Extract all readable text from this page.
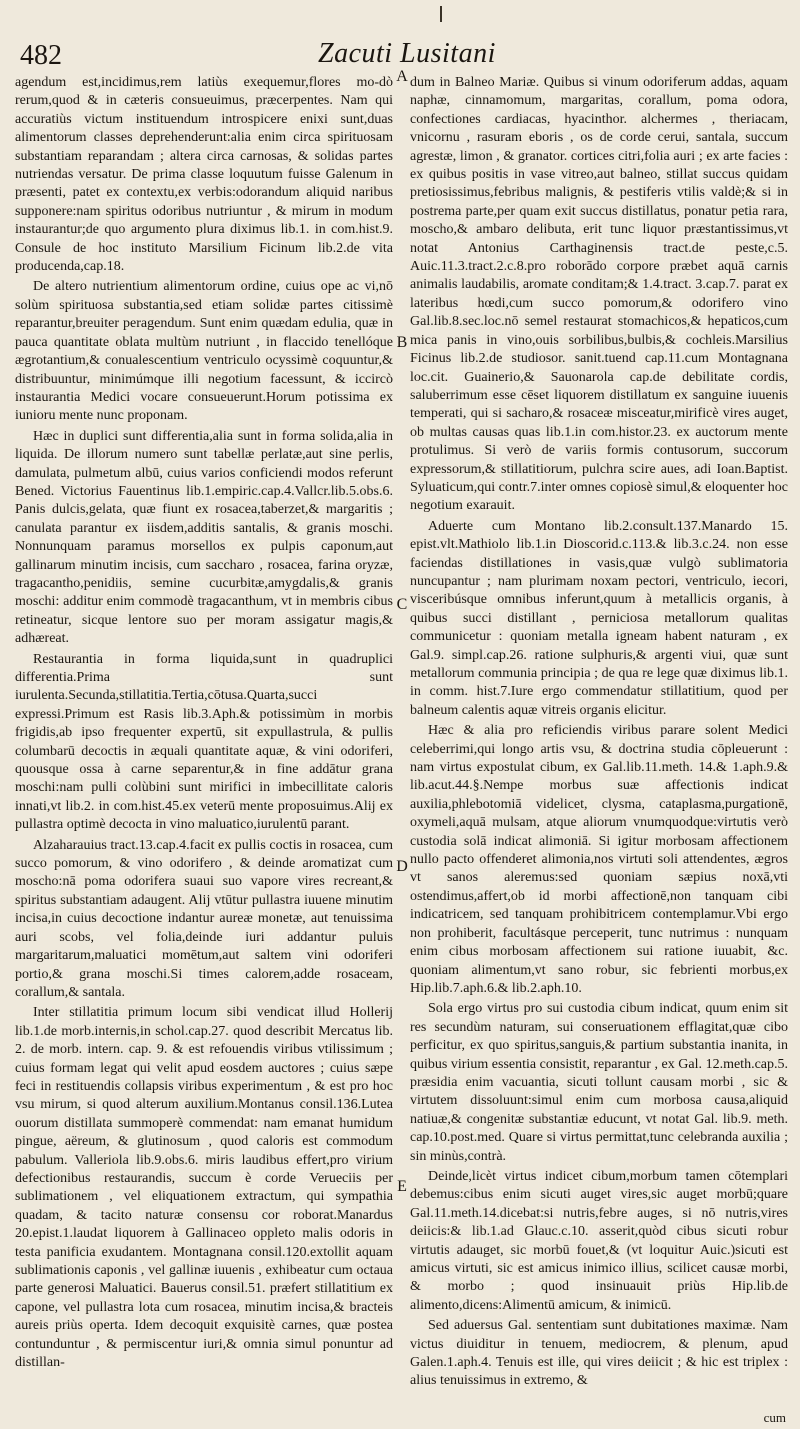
482	Zacuti Lusitani

agendum est,incidimus,rem latiùs exequemur,flores mo-dò rerum,quod & in cæteris consueuimus, præcerpentes. Nam qui accuratiùs victum instituendum introspicere enixi sunt,duas alimentorum classes deprehenderunt:alia enim circa spirituosam substantiam reparandam ; altera circa carnosas, & solidas partes nutriendas versatur. De prima classe loquutum fuisse Galenum in præsenti, patet ex contextu,ex verbis:odorandum aliquid naribus supponere:nam spiritus odoribus nutriuntur , & mirum in modum instaurantur;de quo argumento plura diximus lib.1. in com.hist.9. Consule de hoc instituto Marsilium Ficinum lib.2.de vita producenda,cap.18.

De altero nutrientium alimentorum ordine, cuius ope ac vi,nō solùm spirituosa substantia,sed etiam solidæ partes citissimè reparantur,breuiter peragendum. Sunt enim quædam edulia, quæ in pauca quantitate oblata multùm nutriunt , in flaccido tenellóque ægrotantium,& conualescentium ventriculo ocyssimè coquuntur,& distribuuntur, minimúmque illi negotium facessunt, & iccircò instaurantia Medici vocare consueuerunt.Horum potissima ex iunioru mente nunc proponam.

Hæc in duplici sunt differentia,alia sunt in forma solida,alia in liquida. De illorum numero sunt tabellæ perlatæ,aut sine perlis, damulata, pulmetum albū, cuius varios conficiendi modos referunt Bened. Victorius Fauentinus lib.1.empiric.cap.4.Vallcr.lib.5.obs.6. Panis dulcis,gelata, quæ fiunt ex rosacea,taberzet,& margaritis ; canulata parantur ex iisdem,additis santalis, & granis moschi. Nonnunquam paramus morsellos ex pulpis caponum,aut gallinarum minutim incisis, cum saccharo , rosacea, farina oryzæ, tragacantho,penidiis, semine cucurbitæ,amygdalis,& granis moschi: additur enim commodè tragacanthum, vt in membris cibus retineatur, sicque lentore suo per moram assigatur magis,& adhæreat.

Restaurantia in forma liquida,sunt in quadruplici differentia.Prima sunt iurulenta.Secunda,stillatitia.Tertia,cōtusa.Quarta,succi expressi.Primum est Rasis lib.3.Aph.& potissimùm in morbis frigidis,ab ipso frequenter expertū, sit expullastrula, & pullis columbarū decoctis in æquali quantitate aquæ, & vini odoriferi, quousque ossa à carne separentur,& in fine addātur grana moschi:nam pulli colùbini sunt mirifici in imbecillitate caloris innati,vt lib.2. in com.hist.45.ex veterū mente proposuimus.Alij ex pullastra optimè decocta in vino maluatico,iurulentū parant.

Alzaharauius tract.13.cap.4.facit ex pullis coctis in rosacea, cum succo pomorum, & vino odorifero , & deinde aromatizat cum moscho:nā poma odorifera suaui suo vapore vires recreant,& spiritus substantiam adaugent. Alij vtūtur pullastra iuuene minutim incisa,in cuius decoctione indantur aureæ monetæ, aut tenuissima auri scobs, vel folia,deinde iuri addantur puluis margaritarum,maluatici momētum,aut saltem vini odoriferi portio,& grana moschi.Si times calorem,adde rosaceam, corallum,& santala.

Inter stillatitia primum locum sibi vendicat illud Hollerij lib.1.de morb.internis,in schol.cap.27. quod describit Mercatus lib. 2. de morb. intern. cap. 9. & est refouendis viribus vtilissimum ; cuius formam legat qui velit apud eosdem auctores ; cuius sæpe feci in restituendis collapsis viribus experimentum , & est pro hoc vsu mirum, si quod alterum auxilium.Montanus consil.136.Lutea ouorum distillata summoperè commendat: nam emanat humidum pingue, aëreum, & glutinosum , quod caloris est commodum pabulum. Valleriola lib.9.obs.6. miris laudibus effert,pro virium defectionibus restaurandis, succum è corde Verueciis per sublimationem , vel eliquationem extractum, qui sympathia quadam, & tacito naturæ consensu cor roborat.Manardus 20.epist.1.laudat liquorem à Gallinaceo oppleto malis odoris in testa panificia exudantem. Montagnana consil.120.extollit aquam sublimationis caponis , vel gallinæ iuuenis , exhibeatur cum octaua parte generosi Maluatici. Bauerus consil.51. præfert stillatitium ex capone, vel pullastra lota cum rosacea, minutim incisa,& bracteis aureis priùs operta. Idem decoquit exquisitè carnes, quæ postea contunduntur , & permiscentur iuri,& omnia simul ponuntur ad distillan-

A
B
C
D
E

dum in Balneo Mariæ. Quibus si vinum odoriferum addas, aquam naphæ, cinnamomum, margaritas, corallum, poma odora, confectiones cardiacas, hyacinthor. alchermes , theriacam, vnicornu , rasuram eboris , os de corde cerui, santala, succum agrestæ, limon , & granator. cortices citri,folia auri ; ex arte facies : ex quibus positis in vase vitreo,aut balneo, stillat succus quidam pretiosissimus,febribus malignis, & pestiferis vtilis valdè;& si in postrema parte,per quam exit succus distillatus, ponatur petia rara, moscho,& ambaro delibuta, erit tunc liquor præstantissimus,vt notat Antonius Carthaginensis tract.de peste,c.5. Auic.11.3.tract.2.c.8.pro roborādo corpore præbet aquā carnis animalis laudabilis, aromate conditam;& 1.4.tract. 3.cap.7. parat ex lateribus hœdi,cum succo pomorum,& odorifero vino Gal.lib.8.sec.loc.nō semel restaurat stomachicos,& hepaticos,cum mica panis in vino,ouis sorbilibus,bulbis,& cochleis.Marsilius Ficinus lib.2.de studiosor. sanit.tuend cap.11.cum Montagnana loc.cit. Guainerio,& Sauonarola cap.de debilitate cordis, saluberrimum esse cēset liquorem distillatum ex sanguine iuuenis temperati, qui si sacharo,& rosaceæ misceatur,mirificè vires auget, ob multas causas quas lib.1.in com.histor.23. ex auctorum mente protulimus. Si verò de variis formis contusorum, succorum expressorum,& stillatitiorum, pulchra scire aues, adi Ioan.Baptist. Syluaticum,qui contr.7.inter omnes copiosè simul,& eloquenter hoc negotium exarauit.

Aduerte cum Montano lib.2.consult.137.Manardo 15. epist.vlt.Mathiolo lib.1.in Dioscorid.c.113.& lib.3.c.24. non esse faciendas distillationes in vasis,quæ vulgò sublimatoria nuncupantur ; nam plurimam noxam pectori, ventriculo, iecori, visceribúsque omnibus inferunt,quum à metallicis organis, à quibus succi distillant , perniciosa metallorum qualitas communicetur : quoniam metalla igneam habent naturam , ex Gal.9. simpl.cap.26. ratione sulphuris,& argenti viui, quæ sunt metallorum communia principia ; de qua re lege quæ diximus lib.1. in comm. hist.7.Iure ergo commendatur stillatitium, quod per balneum calentis aquæ vitreis organis elicitur.

Hæc & alia pro reficiendis viribus parare solent Medici celeberrimi,qui longo artis vsu, & doctrina studia cōpleuerunt : nam virtus expostulat cibum, ex Gal.lib.11.meth. 14.& 1.aph.9.& lib.acut.44.§.Nempe morbus suæ affectionis indicat auxilia,phlebotomiā videlicet, clysma, cataplasma,purgationē, oxymeli,aquā mulsam, atque aliorum vnumquodque:virtutis verò custodia solā indicat alimoniā. Si igitur morbosam affectionem nullo pacto offenderet alimonia,nos virtuti soli attendentes, ægros vt sanos aleremus:sed quoniam sæpius noxā,vti ostendimus,affert,ob id morbi affectionē,non tanquam cibi indicatricem, sed tanquam prohibitricem contemplamur.Vbi ergo non prohiberit, facultásque perceperit, tunc nutrimus : nunquam enim cibus morbosam affectionem sui ratione iuuabit, &c. quoniam alimentum,vt sano robur, sic febrienti morbus,ex Hip.lib.7.aph.6.& lib.2.aph.10.

Sola ergo virtus pro sui custodia cibum indicat, quum enim sit res secundùm naturam, sui conseruationem efflagitat,quæ cibo perficitur, ex quo spiritus,sanguis,& partium substantia inanita, in quibus virium essentia consistit, reparantur , ex Gal. 12.meth.cap.5. præsidia enim vacuantia, sicuti tollunt causam morbi , sic & virtutem dissoluunt:simul enim cum morbosa causa,aliquid natiuæ,& congenitæ substantiæ educunt, vt notat Gal. lib.9. meth. cap.10.post.med. Quare si virtus permittat,tunc celebranda auxilia ; sin minùs,contrà.

Deinde,licèt virtus indicet cibum,morbum tamen cōtemplari debemus:cibus enim sicuti auget vires,sic auget morbū;quare Gal.11.meth.14.dicebat:si nutris,febre auges, si nō nutris,vires deiicis:& lib.1.ad Glauc.c.10. asserit,quòd cibus sicuti robur virtutis adauget, sic morbū fouet,& (vt loquitur Auic.)sicuti est amicus virtuti, sic est amicus inimico illius, scilicet causæ morbi, & morbo ; quod insinuauit priùs Hip.lib.de alimento,dicens:Alimentū amicum, & inimicū.

Sed aduersus Gal. sententiam sunt dubitationes maximæ. Nam victus diuiditur in tenuem, mediocrem, & plenum, apud Galen.1.aph.4. Tenuis est ille, qui vires deiicit ; & hic est triplex : alius tenuissimus in extremo, &

cum
